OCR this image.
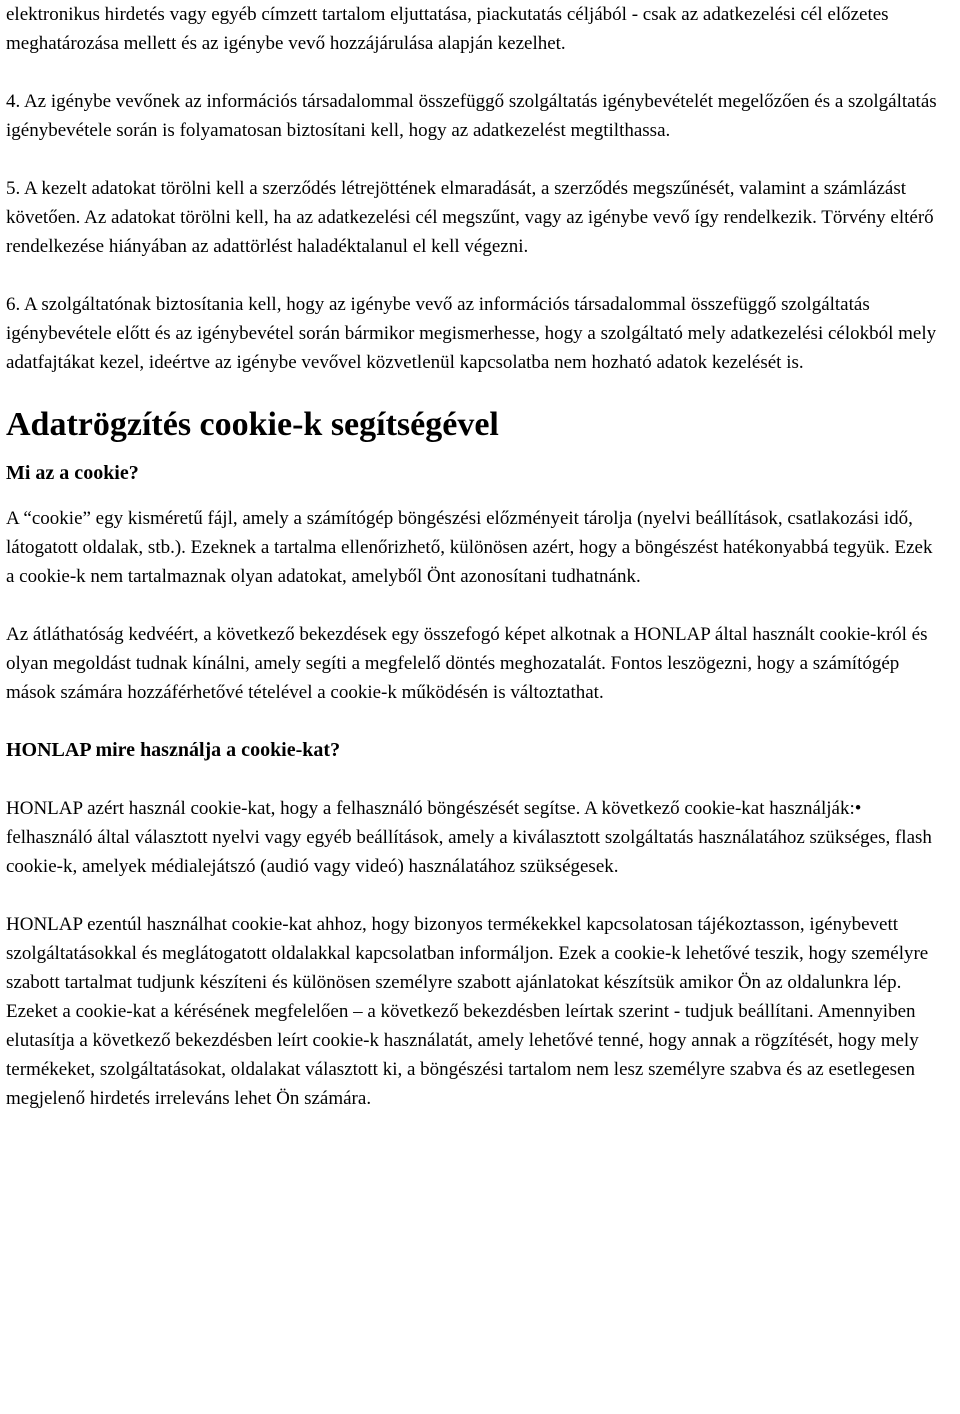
elektronikus hirdetés vagy egyéb címzett tartalom eljuttatása, piackutatás céljából - csak az adatkezelési cél előzetes meghatározása mellett és az igénybe vevő hozzájárulása alapján kezelhet.

4. Az igénybe vevőnek az információs társadalommal összefüggő szolgáltatás igénybevételét megelőzően és a szolgáltatás igénybevétele során is folyamatosan biztosítani kell, hogy az adatkezelést megtilthassa.

5. A kezelt adatokat törölni kell a szerződés létrejöttének elmaradását, a szerződés megszűnését, valamint a számlázást követően. Az adatokat törölni kell, ha az adatkezelési cél megszűnt, vagy az igénybe vevő így rendelkezik. Törvény eltérő rendelkezése hiányában az adattörlést haladéktalanul el kell végezni.

6. A szolgáltatónak biztosítania kell, hogy az igénybe vevő az információs társadalommal összefüggő szolgáltatás igénybevétele előtt és az igénybevétel során bármikor megismerhesse, hogy a szolgáltató mely adatkezelési célokból mely adatfajtákat kezel, ideértve az igénybe vevővel közvetlenül kapcsolatba nem hozható adatok kezelését is.

Adatrögzítés cookie-k segítségével

Mi az a cookie?

A “cookie” egy kisméretű fájl, amely a számítógép böngészési előzményeit tárolja (nyelvi beállítások, csatlakozási idő, látogatott oldalak, stb.). Ezeknek a tartalma ellenőrizhető, különösen azért, hogy a böngészést hatékonyabbá tegyük. Ezek a cookie-k nem tartalmaznak olyan adatokat, amelyből Önt azonosítani tudhatnánk.

Az átláthatóság kedvéért, a következő bekezdések egy összefogó képet alkotnak a HONLAP által használt cookie-król és olyan megoldást tudnak kínálni, amely segíti a megfelelő döntés meghozatalát. Fontos leszögezni, hogy a számítógép mások számára hozzáférhetővé tételével a cookie-k működésén is változtathat.

HONLAP mire használja a cookie-kat?

HONLAP azért használ cookie-kat, hogy a felhasználó böngészését segítse. A következő cookie-kat használják:• felhasználó által választott nyelvi vagy egyéb beállítások, amely a kiválasztott szolgáltatás használatához szükséges, flash cookie-k, amelyek médialejátszó (audió vagy videó) használatához szükségesek.

HONLAP ezentúl használhat cookie-kat ahhoz, hogy bizonyos termékekkel kapcsolatosan tájékoztasson, igénybevett szolgáltatásokkal és meglátogatott oldalakkal kapcsolatban informáljon. Ezek a cookie-k lehetővé teszik, hogy személyre szabott tartalmat tudjunk készíteni és különösen személyre szabott ajánlatokat készítsük amikor Ön az oldalunkra lép. Ezeket a cookie-kat a kérésének megfelelően – a következő bekezdésben leírtak szerint - tudjuk beállítani. Amennyiben elutasítja a következő bekezdésben leírt cookie-k használatát, amely lehetővé tenné, hogy annak a rögzítését, hogy mely termékeket, szolgáltatásokat, oldalakat választott ki, a böngészési tartalom nem lesz személyre szabva és az esetlegesen megjelenő hirdetés irreleváns lehet Ön számára.
